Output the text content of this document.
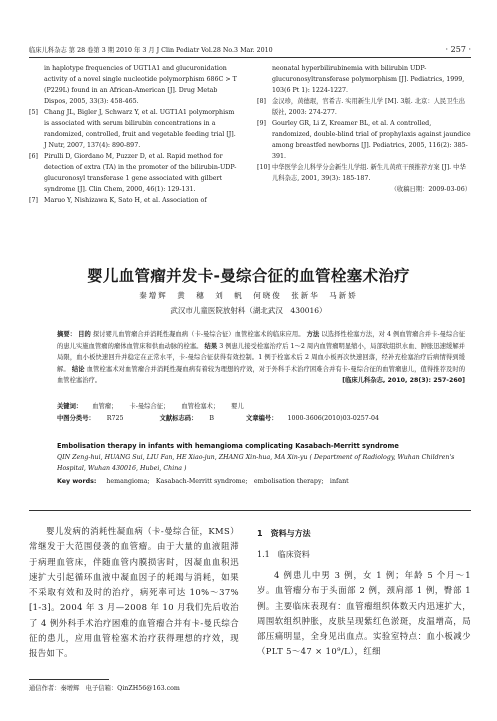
临床儿科杂志 第 28 卷第 3 期 2010 年 3 月 J Clin Pediatr Vol.28 No.3 Mar. 2010	· 257 ·
in haplotype frequencies of UGT1A1 and glucuronidation activity of a novel single nucleotide polymorphism 686C > T (P229L) found in an African-American [J]. Drug Metab Dispos, 2005, 33(3): 458-465.
[5] Chang JL, Bigler J, Schwarz Y, et al. UGT1A1 polymorphism is associated with serum bilirubin concentrations in a randomized, controlled, fruit and vegetable feeding trial [J]. J Nutr, 2007, 137(4): 890-897.
[6] Pirulli D, Giordano M, Puzzer D, et al. Rapid method for detection of extra (TA) in the promoter of the bilirubin-UDP-glucuronosyl transferase 1 gene associated with gilbert syndrome [J]. Clin Chem, 2000, 46(1): 129-131.
[7] Maruo Y, Nishizawa K, Sato H, et al. Association of
neonatal hyperbilirubinemia with bilirubin UDP-glucuronosyltransferase polymorphism [J]. Pediatrics, 1999, 103(6 Pt 1): 1224-1227.
[8] 金汉珍，黄德珉，官希吉. 实用新生儿学 [M]. 3版. 北京：人民卫生出版社, 2003: 274-277.
[9] Gourley GR, Li Z, Kreamer BL, et al. A controlled, randomized, double-blind trial of prophylaxis against jaundice among breastfed newborns [J]. Pediatrics, 2005, 116(2): 385-391.
[10] 中华医学会儿科学分会新生儿学组. 新生儿黄疸干预推荐方案 [J]. 中华儿科杂志, 2001, 39(3): 185-187.
（收稿日期：2009-03-06）
婴儿血管瘤并发卡-曼综合征的血管栓塞术治疗
秦增辉　黄　穗　刘　帆　何晓俊　张新华　马新娇
武汉市儿童医院放射科（湖北武汉　430016）
摘要： 目的 探讨婴儿血管瘤合并消耗性凝血病（卡-曼综合征）血管栓塞术的临床应用。 方法 以选择性栓塞方法，对 4 例血管瘤合并卡-曼综合征的患儿实施血管瘤的瘤体血管床和供血动脉的栓塞。 结果 3 例患儿接受栓塞治疗后 1～2 周内血管瘤明显缩小，局部软组织水血、肿胀迅速缓解并局限，血小板快速回升并稳定在正常水平，卡-曼综合征获得有效控制。1 例于栓塞术后 2 周血小板再次快速回落，经补充栓塞治疗后病情得到缓解。 结论 血管栓塞术对血管瘤合并消耗性凝血病有着较为理想的疗效，对于外科手术治疗困难合并有卡-曼综合征的血管瘤患儿，值得推荐及时的血管栓塞治疗。	[临床儿科杂志, 2010, 28(3): 257-260]
关键词： 血管瘤； 卡-曼综合征； 血管栓塞术； 婴儿
中图分类号： R725	文献标志码： B	文章编号： 1000-3606(2010)03-0257-04
Embolisation therapy in infants with hemangioma complicating Kasabach-Merritt syndrome
QIN Zeng-hui, HUANG Sui, LIU Fan, HE Xiao-jun, ZHANG Xin-hua, MA Xin-yu ( Department of Radiology, Wuhan Children's Hospital, Wuhan 430016, Hubei, China )
Key words: hemangioma;　Kasabach-Merritt syndrome;　embolisation therapy;　infant
婴儿发病的消耗性凝血病（卡-曼综合征，KMS）常继发于大范围侵袭的血管瘤。由于大量的血液阻滞于病理血管床，伴随血管内膜损害时，因凝血血积迅速扩大引起循环血液中凝血因子的耗竭与消耗，如果不采取有效和及时的治疗，病死率可达 10%～37%[1-3]。2004 年 3 月—2008 年 10 月我们先后收治了 4 例外科手术治疗困难的血管瘤合并有卡-曼氏综合征的患儿，应用血管栓塞术治疗获得理想的疗效，现报告如下。
1　资料与方法
1.1　临床资料
4 例患儿中男 3 例，女 1 例；年龄 5 个月～1 岁。血管瘤分布于头面部 2 例，颈肩部 1 例，臀部 1 例。主要临床表现有：血管瘤组织体数天内迅速扩大，周围软组织肿胀，皮肤呈现紫红色淤斑，皮温增高，局部压痛明显，全身见出血点。实验室特点：血小板减少（PLT 5～47 × 10⁹/L），红细
通信作者：秦增辉　电子信箱：QinZH56@163.com
